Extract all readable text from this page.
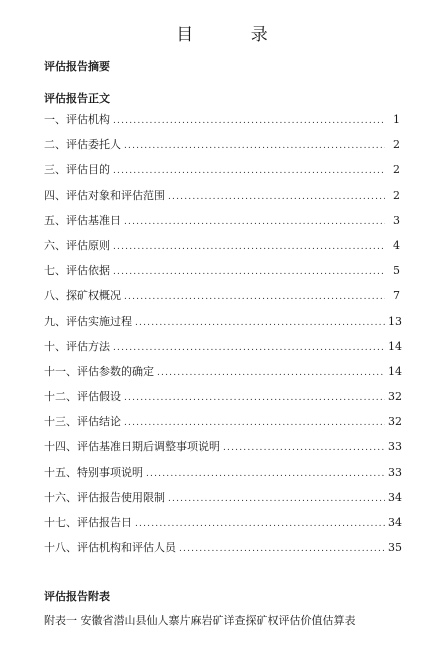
目 录
评估报告摘要
评估报告正文
一、评估机构 .....	1
二、评估委托人 .....	2
三、评估目的 .....	2
四、评估对象和评估范围 .....	2
五、评估基准日 .....	3
六、评估原则 .....	4
七、评估依据 .....	5
八、探矿权概况 .....	7
九、评估实施过程 .....	13
十、评估方法 .....	14
十一、评估参数的确定 .....	14
十二、评估假设 .....	32
十三、评估结论 .....	32
十四、评估基准日期后调整事项说明 .....	33
十五、特别事项说明 .....	33
十六、评估报告使用限制 .....	34
十七、评估报告日 .....	34
十八、评估机构和评估人员 .....	35
评估报告附表
附表一 安徽省潜山县仙人寨片麻岩矿详查探矿权评估价值估算表
